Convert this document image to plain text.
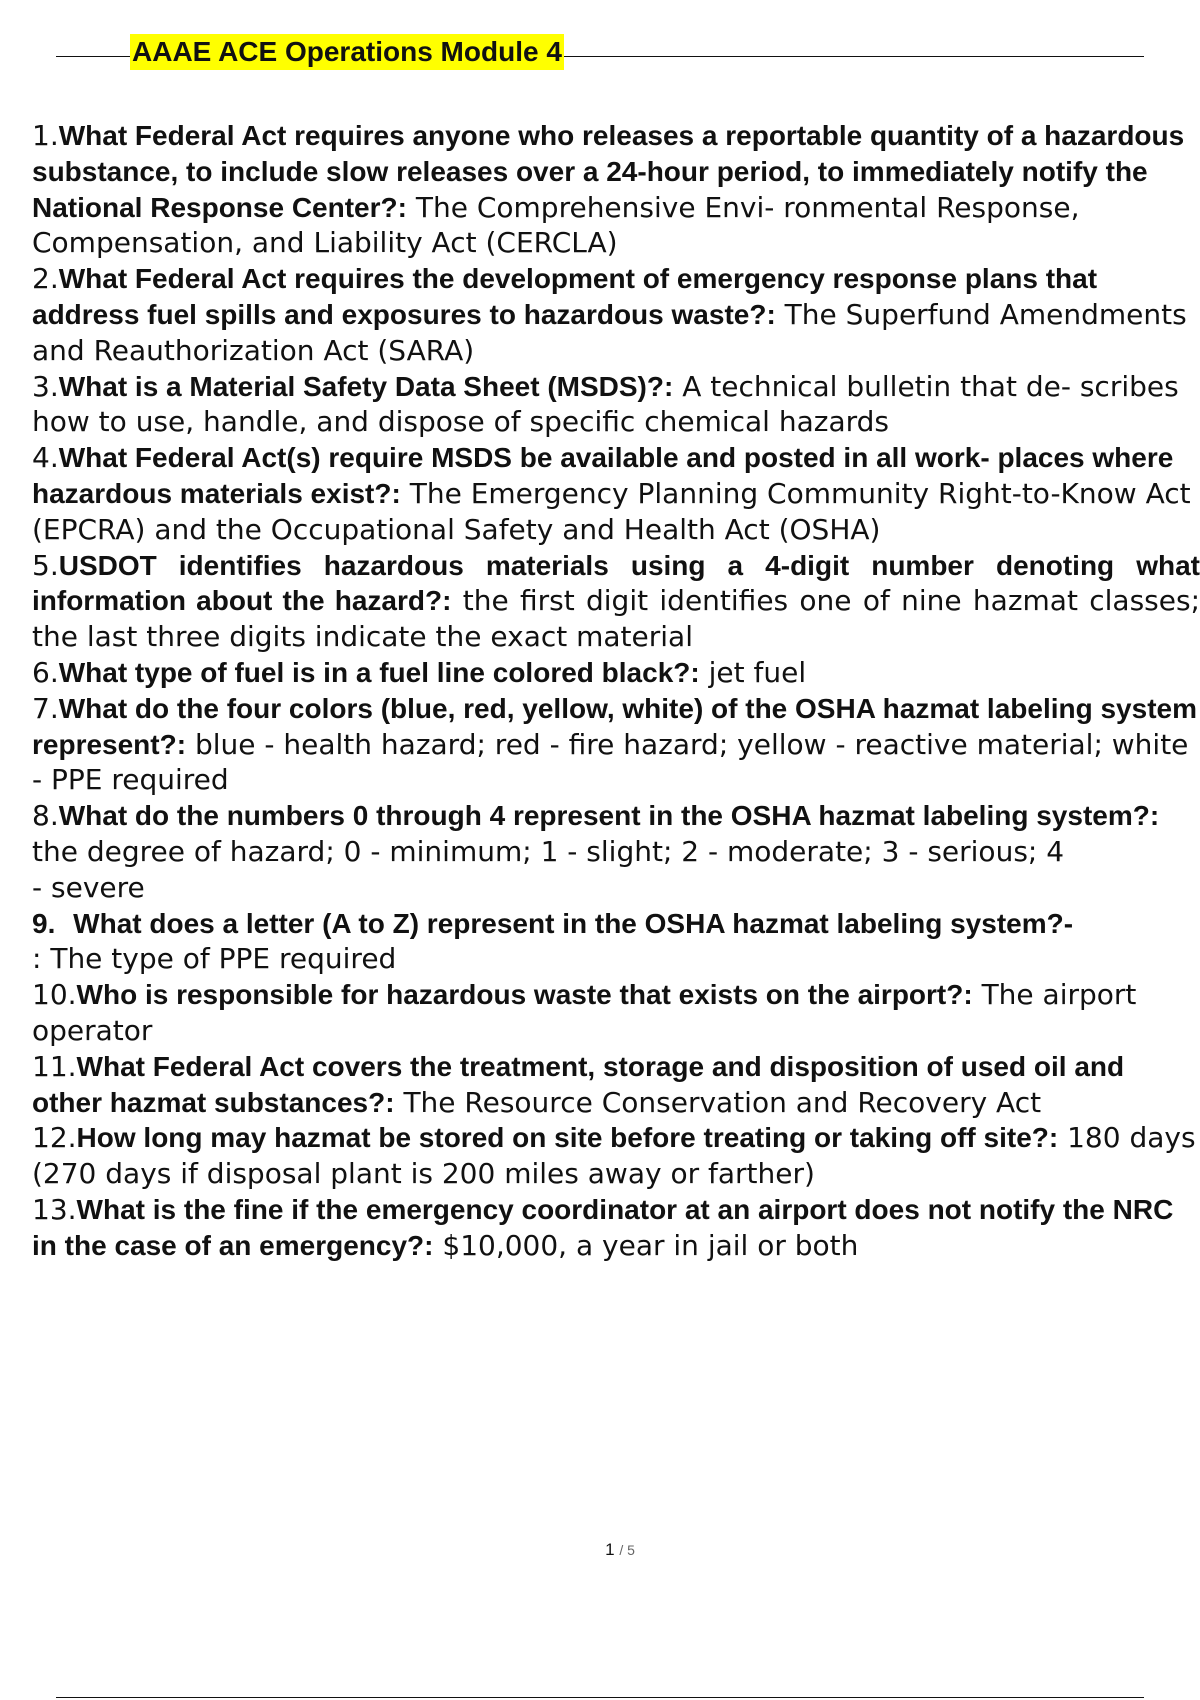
AAAE ACE Operations Module 4
1.What Federal Act requires anyone who releases a reportable quantity of a hazardous substance, to include slow releases over a 24-hour period, to immediately notify the National Response Center?: The Comprehensive Envi- ronmental Response, Compensation, and Liability Act (CERCLA)
2.What Federal Act requires the development of emergency response plans that address fuel spills and exposures to hazardous waste?: The Superfund Amendments and Reauthorization Act (SARA)
3.What is a Material Safety Data Sheet (MSDS)?: A technical bulletin that de- scribes how to use, handle, and dispose of specific chemical hazards
4.What Federal Act(s) require MSDS be available and posted in all work- places where hazardous materials exist?: The Emergency Planning Community Right-to-Know Act (EPCRA) and the Occupational Safety and Health Act (OSHA)
5.USDOT identifies hazardous materials using a 4-digit number denoting what information about the hazard?: the first digit identifies one of nine hazmat classes; the last three digits indicate the exact material
6.What type of fuel is in a fuel line colored black?: jet fuel
7.What do the four colors (blue, red, yellow, white) of the OSHA hazmat labeling system represent?: blue - health hazard; red - fire hazard; yellow - reactive material; white - PPE required
8.What do the numbers 0 through 4 represent in the OSHA hazmat labeling system?: the degree of hazard; 0 - minimum; 1 - slight; 2 - moderate; 3 - serious; 4
- severe
9. What does a letter (A to Z) represent in the OSHA hazmat labeling system?-
: The type of PPE required
10.Who is responsible for hazardous waste that exists on the airport?: The airport operator
11.What Federal Act covers the treatment, storage and disposition of used oil and other hazmat substances?: The Resource Conservation and Recovery Act
12.How long may hazmat be stored on site before treating or taking off site?: 180 days (270 days if disposal plant is 200 miles away or farther)
13.What is the fine if the emergency coordinator at an airport does not notify the NRC in the case of an emergency?: $10,000, a year in jail or both
1 / 5
